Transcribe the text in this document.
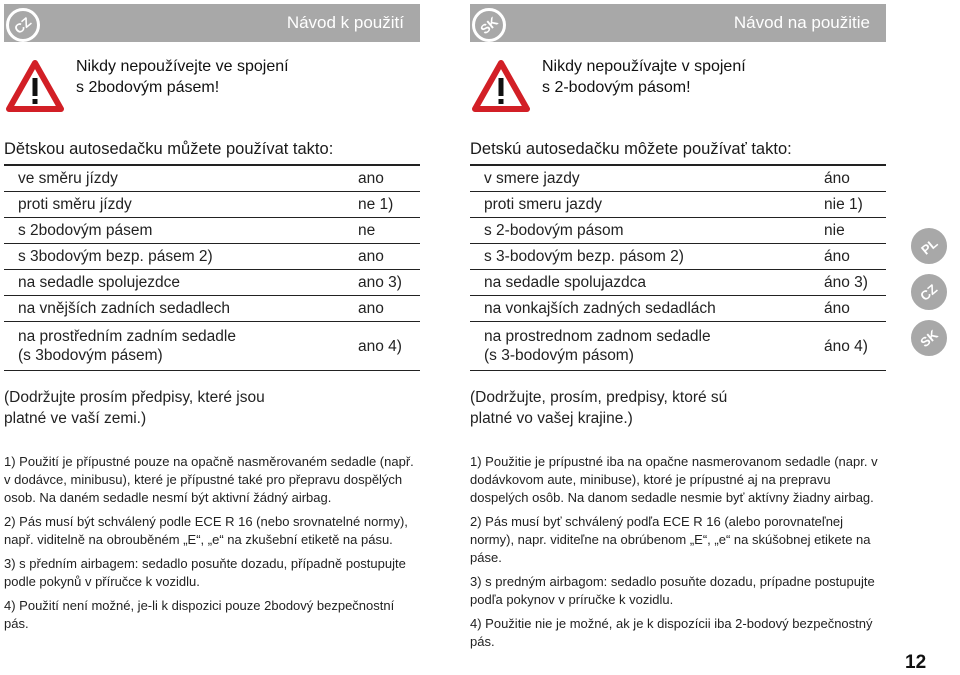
CZ	Návod k použití
Nikdy nepoužívejte ve spojení
s 2bodovým pásem!
Dětskou autosedačku můžete používat takto:
ve směru jízdy	ano
proti směru jízdy	ne 1)
s 2bodovým pásem	ne
s 3bodovým bezp. pásem 2)	ano
na sedadle spolujezdce	ano 3)
na vnějších zadních sedadlech	ano

na prostředním zadním sedadle
(s 3bodovým pásem)	ano 4)
(Dodržujte prosím předpisy, které jsou
platné ve vaší zemi.)

1) Použití je přípustné pouze na opačně nasměrovaném sedadle (např. v dodávce, minibusu), které je přípustné také pro přepravu dospělých osob. Na daném sedadle nesmí být aktivní žádný airbag.

2) Pás musí být schválený podle ECE R 16 (nebo srovnatelné normy), např. viditelně na obrouběném „E“, „e“ na zkušební etiketě na pásu.

3) s předním airbagem: sedadlo posuňte dozadu, případně postupujte podle pokynů v příručce k vozidlu.

4) Použití není možné, je-li k dispozici pouze 2bodový bezpečnostní pás.

SK	Návod na použitie
Nikdy nepoužívajte v spojení
s 2-bodovým pásom!
Detskú autosedačku môžete používať takto:
v smere jazdy	áno
proti smeru jazdy	nie 1)
s 2-bodovým pásom	nie
s 3-bodovým bezp. pásom 2)	áno
na sedadle spolujazdca	áno 3)
na vonkajších zadných sedadlách	áno

na prostrednom zadnom sedadle
(s 3-bodovým pásom)	áno 4)
(Dodržujte, prosím, predpisy, ktoré sú
platné vo vašej krajine.)

1) Použitie je prípustné iba na opačne nasmerovanom sedadle (napr. v dodávkovom aute, minibuse), ktoré je prípustné aj na prepravu dospelých osôb. Na danom sedadle nesmie byť aktívny žiadny airbag.

2) Pás musí byť schválený podľa ECE R 16 (alebo porovnateľnej normy), napr. viditeľne na obrúbenom „E“, „e“ na skúšobnej etikete na páse.

3) s predným airbagom: sedadlo posuňte dozadu, prípadne postupujte podľa pokynov v príručke k vozidlu.

4) Použitie nie je možné, ak je k dispozícii iba 2-bodový bezpečnostný pás.

PL
CZ
SK
12
